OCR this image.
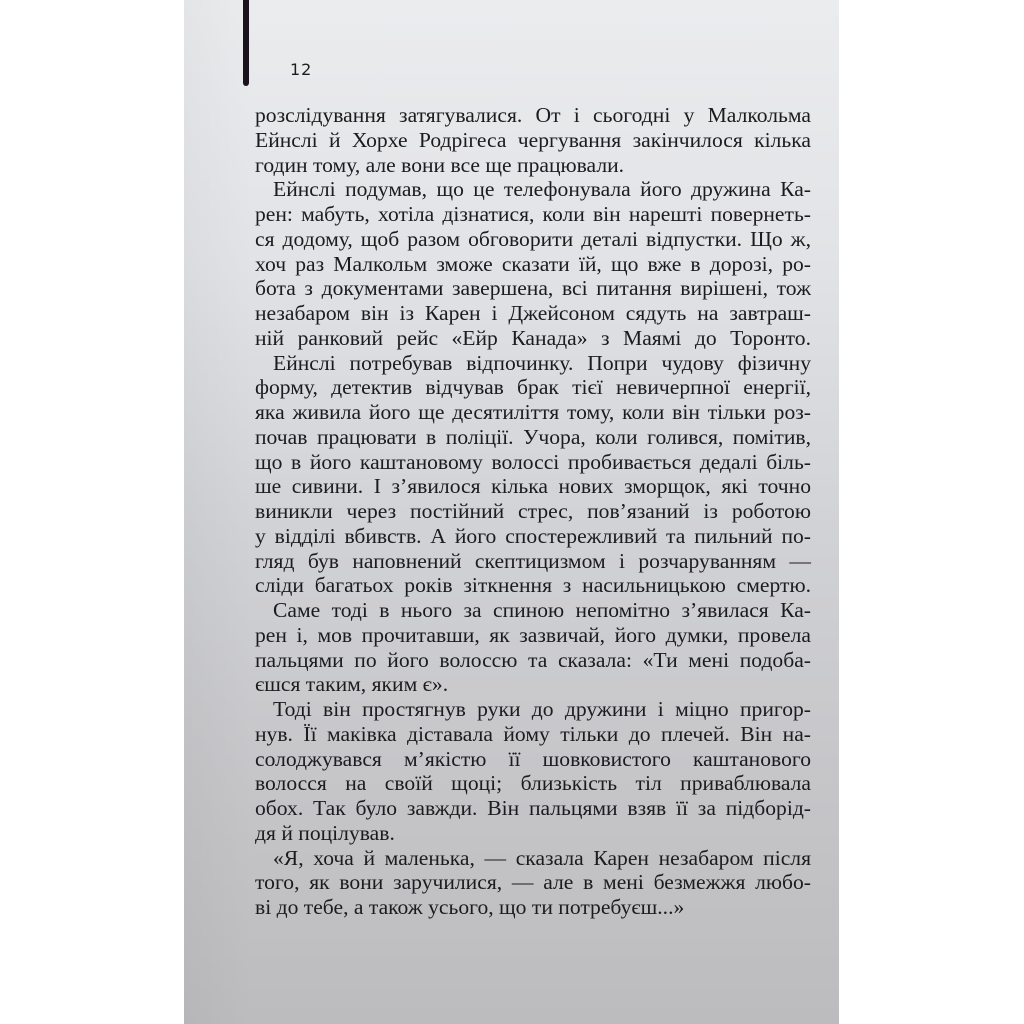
12
розслідування затягувалися. От і сьогодні у Малкольма
Ейнслі й Хорхе Родрігеса чергування закінчилося кілька
годин тому, але вони все ще працювали.
Ейнслі подумав, що це телефонувала його дружина Ка-
рен: мабуть, хотіла дізнатися, коли він нарешті повернеть-
ся додому, щоб разом обговорити деталі відпустки. Що ж,
хоч раз Малкольм зможе сказати їй, що вже в дорозі, ро-
бота з документами завершена, всі питання вирішені, тож
незабаром він із Карен і Джейсоном сядуть на завтраш-
ній ранковий рейс «Ейр Канада» з Маямі до Торонто.
Ейнслі потребував відпочинку. Попри чудову фізичну
форму, детектив відчував брак тієї невичерпної енергії,
яка живила його ще десятиліття тому, коли він тільки роз-
почав працювати в поліції. Учора, коли голився, помітив,
що в його каштановому волоссі пробивається дедалі біль-
ше сивини. І з’явилося кілька нових зморщок, які точно
виникли через постійний стрес, пов’язаний із роботою
у відділі вбивств. А його спостережливий та пильний по-
гляд був наповнений скептицизмом і розчаруванням —
сліди багатьох років зіткнення з насильницькою смертю.
Саме тоді в нього за спиною непомітно з’явилася Ка-
рен і, мов прочитавши, як зазвичай, його думки, провела
пальцями по його волоссю та сказала: «Ти мені подоба-
єшся таким, яким є».
Тоді він простягнув руки до дружини і міцно пригор-
нув. Її маківка діставала йому тільки до плечей. Він на-
солоджувався м’якістю її шовковистого каштанового
волосся на своїй щоці; близькість тіл приваблювала
обох. Так було завжди. Він пальцями взяв її за підборід-
дя й поцілував.
«Я, хоча й маленька, — сказала Карен незабаром після
того, як вони заручилися, — але в мені безмежжя любо-
ві до тебе, а також усього, що ти потребуєш...»
